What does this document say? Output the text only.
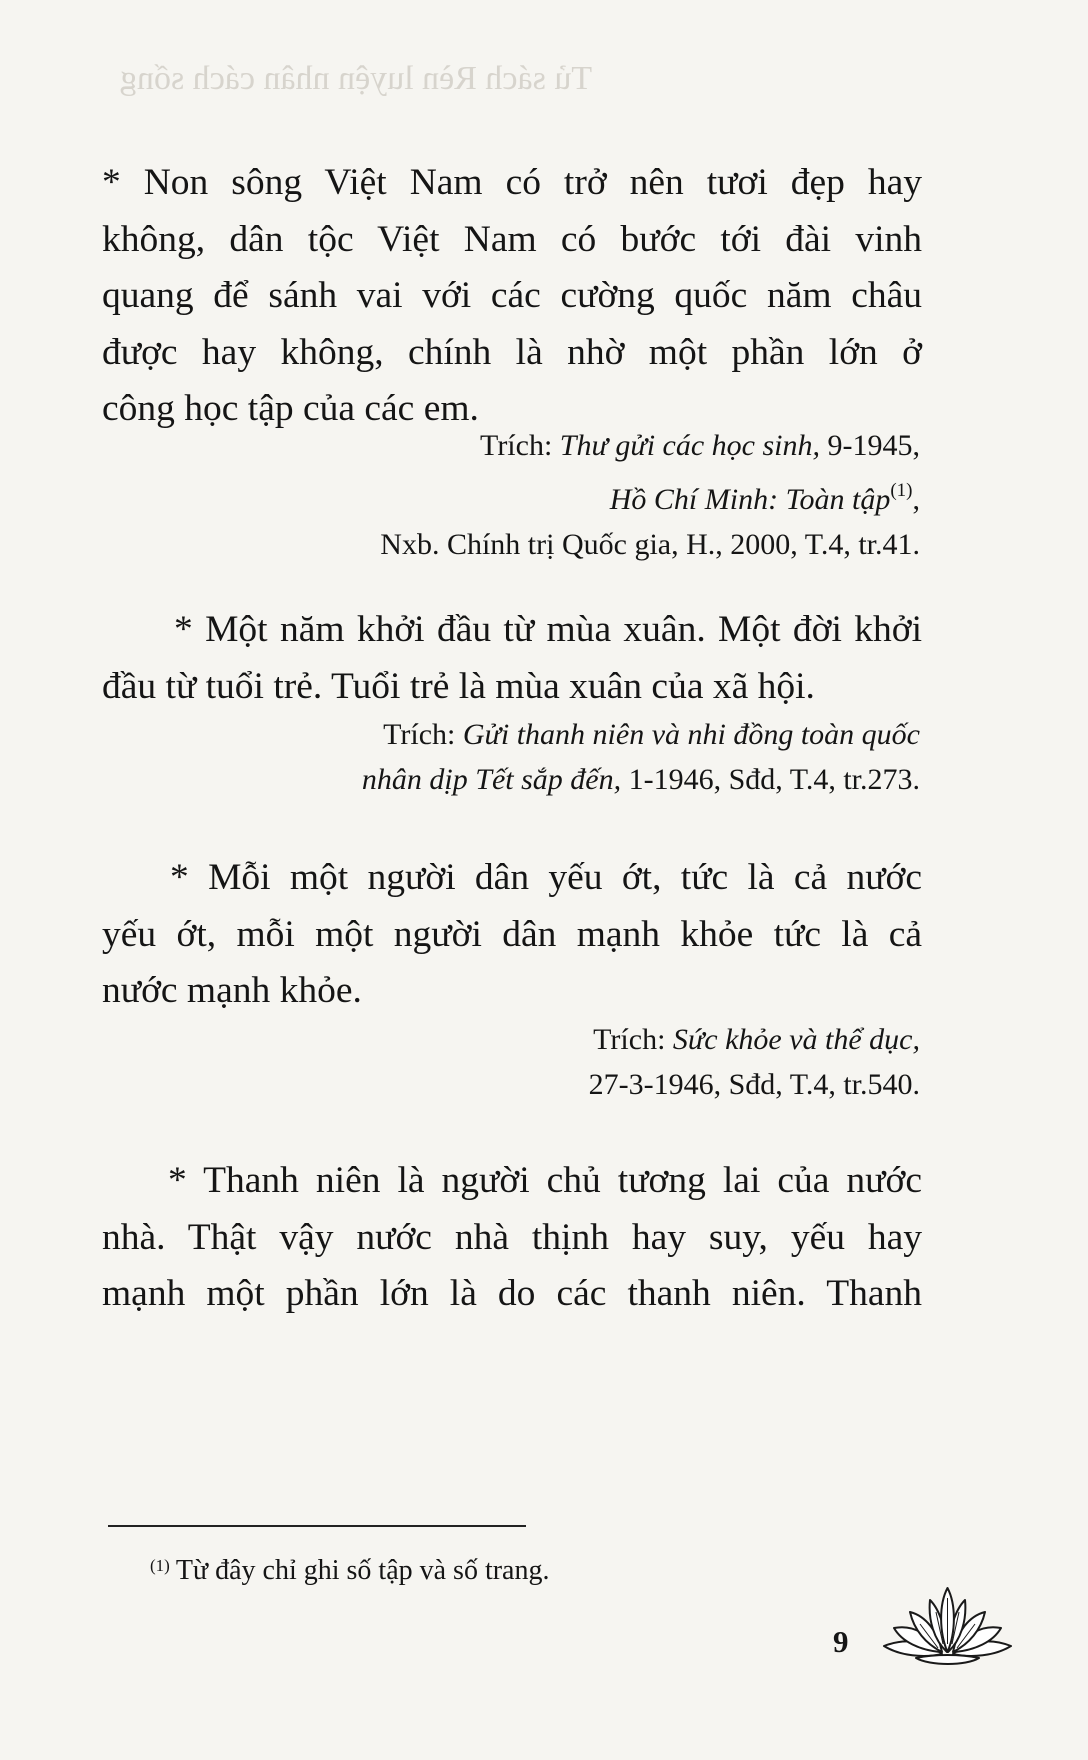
Tủ sách Rèn luyện nhân cách sống

* Non sông Việt Nam có trở nên tươi đẹp hay
không, dân tộc Việt Nam có bước tới đài vinh
quang để sánh vai với các cường quốc năm châu
được hay không, chính là nhờ một phần lớn ở
công học tập của các em.

Trích: Thư gửi các học sinh, 9-1945,
Hồ Chí Minh: Toàn tập$^{(1)}$,
Nxb. Chính trị Quốc gia, H., 2000, T.4, tr.41.

* Một năm khởi đầu từ mùa xuân. Một đời khởi
đầu từ tuổi trẻ. Tuổi trẻ là mùa xuân của xã hội.

Trích: Gửi thanh niên và nhi đồng toàn quốc
nhân dịp Tết sắp đến, 1-1946, Sđd, T.4, tr.273.

* Mỗi một người dân yếu ớt, tức là cả nước
yếu ớt, mỗi một người dân mạnh khỏe tức là cả
nước mạnh khỏe.

Trích: Sức khỏe và thể dục,
27-3-1946, Sđd, T.4, tr.540.

* Thanh niên là người chủ tương lai của nước
nhà. Thật vậy nước nhà thịnh hay suy, yếu hay
mạnh một phần lớn là do các thanh niên. Thanh

$^{(1)}$ Từ đây chỉ ghi số tập và số trang.
9
